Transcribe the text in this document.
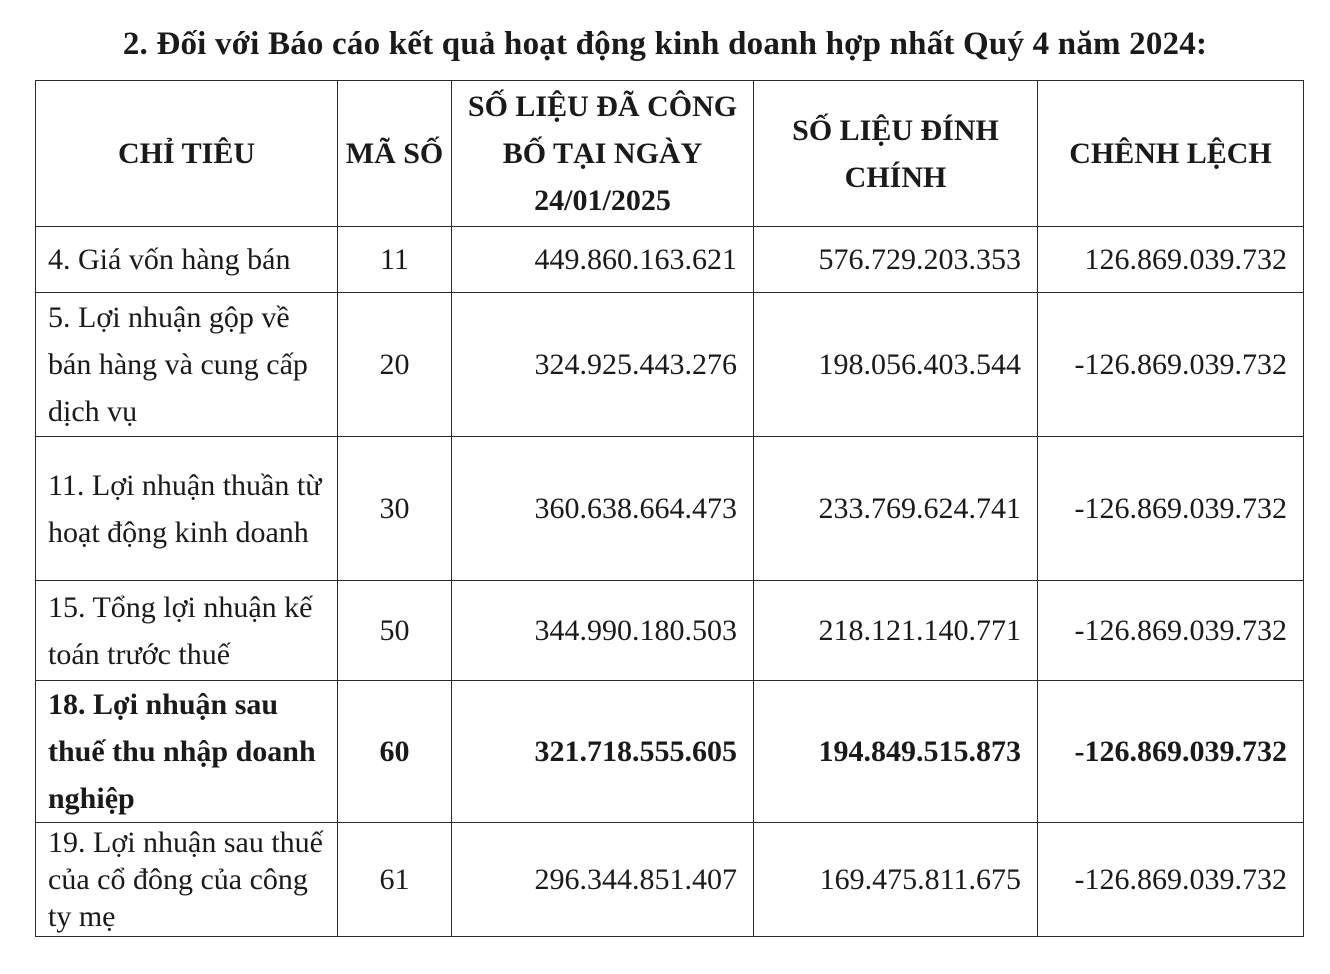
2. Đối với Báo cáo kết quả hoạt động kinh doanh hợp nhất Quý 4 năm 2024:
CHỈ TIÊU	MÃ SỐ	SỐ LIỆU ĐÃ CÔNG BỐ TẠI NGÀY 24/01/2025	SỐ LIỆU ĐÍNH CHÍNH	CHÊNH LỆCH
4. Giá vốn hàng bán	11	449.860.163.621	576.729.203.353	126.869.039.732
5. Lợi nhuận gộp về bán hàng và cung cấp dịch vụ	20	324.925.443.276	198.056.403.544	-126.869.039.732
11. Lợi nhuận thuần từ hoạt động kinh doanh	30	360.638.664.473	233.769.624.741	-126.869.039.732
15. Tổng lợi nhuận kế toán trước thuế	50	344.990.180.503	218.121.140.771	-126.869.039.732
18. Lợi nhuận sau thuế thu nhập doanh nghiệp	60	321.718.555.605	194.849.515.873	-126.869.039.732
19. Lợi nhuận sau thuế của cổ đông của công ty mẹ	61	296.344.851.407	169.475.811.675	-126.869.039.732
